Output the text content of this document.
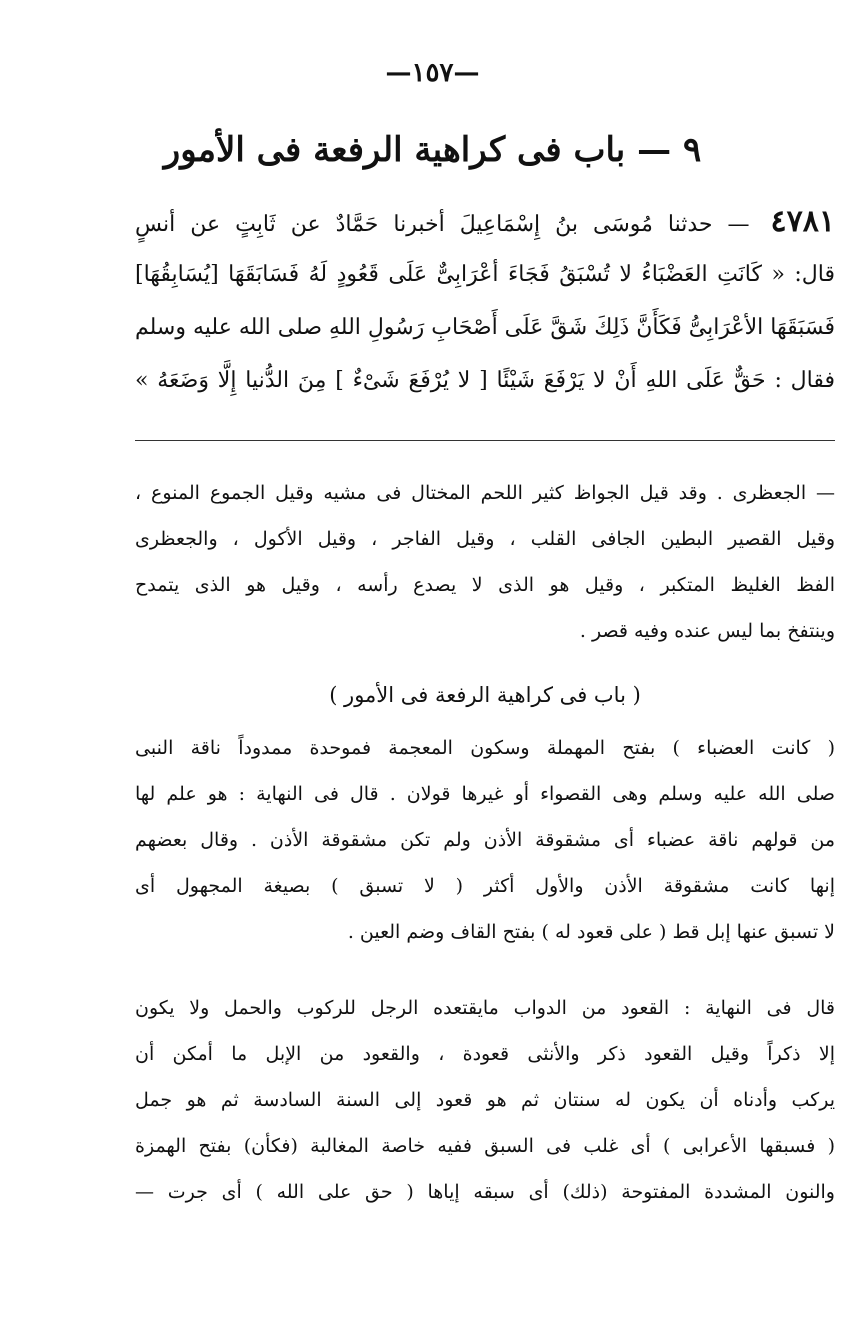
—١٥٧—
٩ — باب فى كراهية الرفعة فى الأمور
٤٧٨١ — حدثنا مُوسَى بنُ إِسْمَاعِيلَ أخبرنا حَمَّادٌ عن ثَابِتٍ عن أنسٍ
قال: « كَانَتِ العَضْبَاءُ لا تُسْبَقُ فَجَاءَ أعْرَابِىٌّ عَلَى قَعُودٍ لَهُ فَسَابَقَهَا [يُسَابِقُهَا]
فَسَبَقَهَا الأعْرَابِىُّ فَكَأَنَّ ذَلِكَ شَقَّ عَلَى أَصْحَابِ رَسُولِ اللهِ صلى الله عليه وسلم
فقال : حَقٌّ عَلَى اللهِ أَنْ لا يَرْفَعَ شَيْئًا [ لا يُرْفَعَ شَىْءٌ ] مِنَ الدُّنيا إِلَّا وَضَعَهُ »
— الجعظرى . وقد قيل الجواظ كثير اللحم المختال فى مشيه وقيل الجموع المنوع ،
وقيل القصير البطين الجافى القلب ، وقيل الفاجر ، وقيل الأكول ، والجعظرى
الفظ الغليظ المتكبر ، وقيل هو الذى لا يصدع رأسه ، وقيل هو الذى يتمدح
وينتفخ بما ليس عنده وفيه قصر .
( باب فى كراهية الرفعة فى الأمور )
( كانت العضباء ) بفتح المهملة وسكون المعجمة فموحدة ممدوداً ناقة النبى
صلى الله عليه وسلم وهى القصواء أو غيرها قولان . قال فى النهاية : هو علم لها
من قولهم ناقة عضباء أى مشقوقة الأذن ولم تكن مشقوقة الأذن . وقال بعضهم
إنها كانت مشقوقة الأذن والأول أكثر ( لا تسبق ) بصيغة المجهول أى
لا تسبق عنها إبل قط ( على قعود له ) بفتح القاف وضم العين .
قال فى النهاية : القعود من الدواب مايقتعده الرجل للركوب والحمل ولا يكون
إلا ذكراً وقيل القعود ذكر والأنثى قعودة ، والقعود من الإبل ما أمكن أن
يركب وأدناه أن يكون له سنتان ثم هو قعود إلى السنة السادسة ثم هو جمل
( فسبقها الأعرابى ) أى غلب فى السبق ففيه خاصة المغالبة (فكأن) بفتح الهمزة
والنون المشددة المفتوحة (ذلك) أى سبقه إياها ( حق على الله ) أى جرت —
